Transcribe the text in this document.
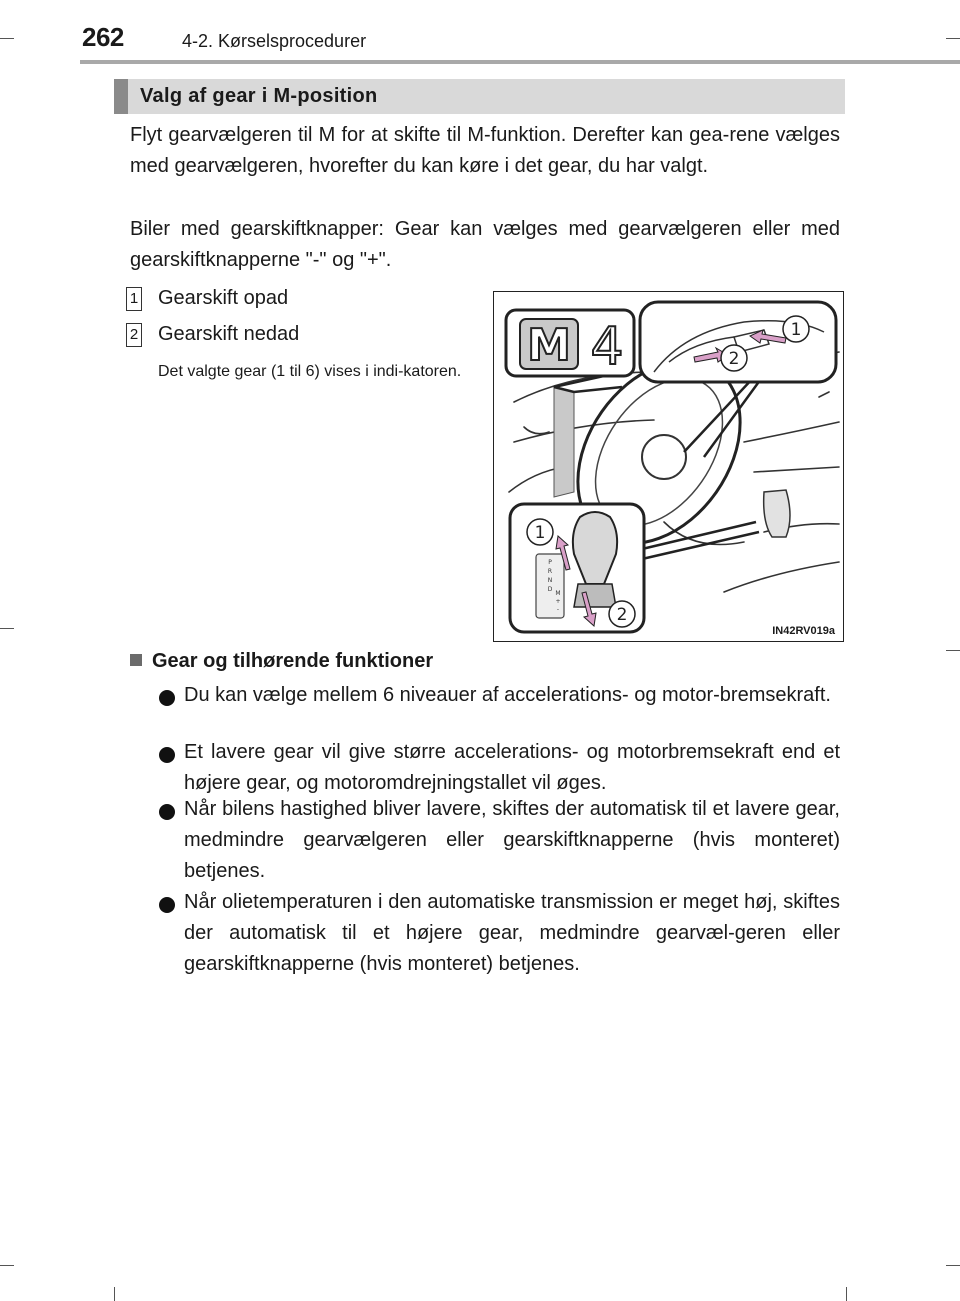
262	4-2. Kørselsprocedurer
Valg af gear i M-position
Flyt gearvælgeren til M for at skifte til M-funktion. Derefter kan gea-rene vælges med gearvælgeren, hvorefter du kan køre i det gear, du har valgt.
Biler med gearskiftknapper: Gear kan vælges med gearvælgeren eller med gearskiftknapperne "-" og "+".
1 Gearskift opad
2 Gearskift nedad
Det valgte gear (1 til 6) vises i indi-katoren.
M 4	1
2
1
2
P
R
N
D
M
+
-
IN42RV019a
Gear og tilhørende funktioner
Du kan vælge mellem 6 niveauer af accelerations- og motor-bremsekraft.
Et lavere gear vil give større accelerations- og motorbremsekraft end et højere gear, og motoromdrejningstallet vil øges.
Når bilens hastighed bliver lavere, skiftes der automatisk til et lavere gear, medmindre gearvælgeren eller gearskiftknapperne (hvis monteret) betjenes.
Når olietemperaturen i den automatiske transmission er meget høj, skiftes der automatisk til et højere gear, medmindre gearvæl-geren eller gearskiftknapperne (hvis monteret) betjenes.
